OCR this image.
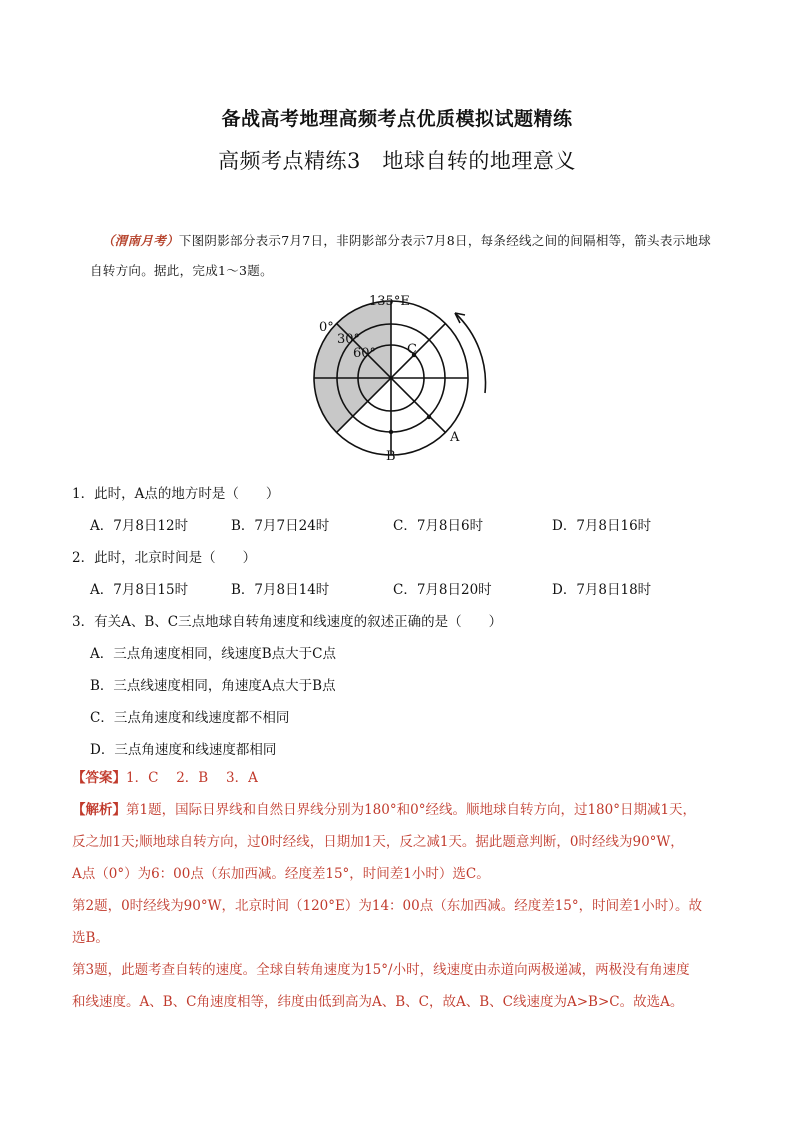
备战高考地理高频考点优质模拟试题精练
高频考点精练3　地球自转的地理意义
（渭南月考）下图阴影部分表示7月7日，非阴影部分表示7月8日，每条经线之间的间隔相等，箭头表示地球自转方向。据此，完成1～3题。
135°E
0°
30°
60° C
A
B
1．此时，A点的地方时是（　　）
A．7月8日12时	B．7月7日24时	C．7月8日6时	D．7月8日16时
2．此时，北京时间是（　　）
A．7月8日15时	B．7月8日14时	C．7月8日20时	D．7月8日18时
3．有关A、B、C三点地球自转角速度和线速度的叙述正确的是（　　）
A．三点角速度相同，线速度B点大于C点
B．三点线速度相同，角速度A点大于B点
C．三点角速度和线速度都不相同
D．三点角速度和线速度都相同
【答案】1．C　 2．B　 3．A
【解析】第1题，国际日界线和自然日界线分别为180°和0°经线。顺地球自转方向，过180°日期减1天，
反之加1天;顺地球自转方向，过0时经线，日期加1天，反之减1天。据此题意判断，0时经线为90°W，
A点（0°）为6：00点（东加西减。经度差15°，时间差1小时）选C。
第2题，0时经线为90°W，北京时间（120°E）为14：00点（东加西减。经度差15°，时间差1小时）。故
选B。
第3题，此题考查自转的速度。全球自转角速度为15°/小时，线速度由赤道向两极递减，两极没有角速度
和线速度。A、B、C角速度相等，纬度由低到高为A、B、C，故A、B、C线速度为A>B>C。故选A。
